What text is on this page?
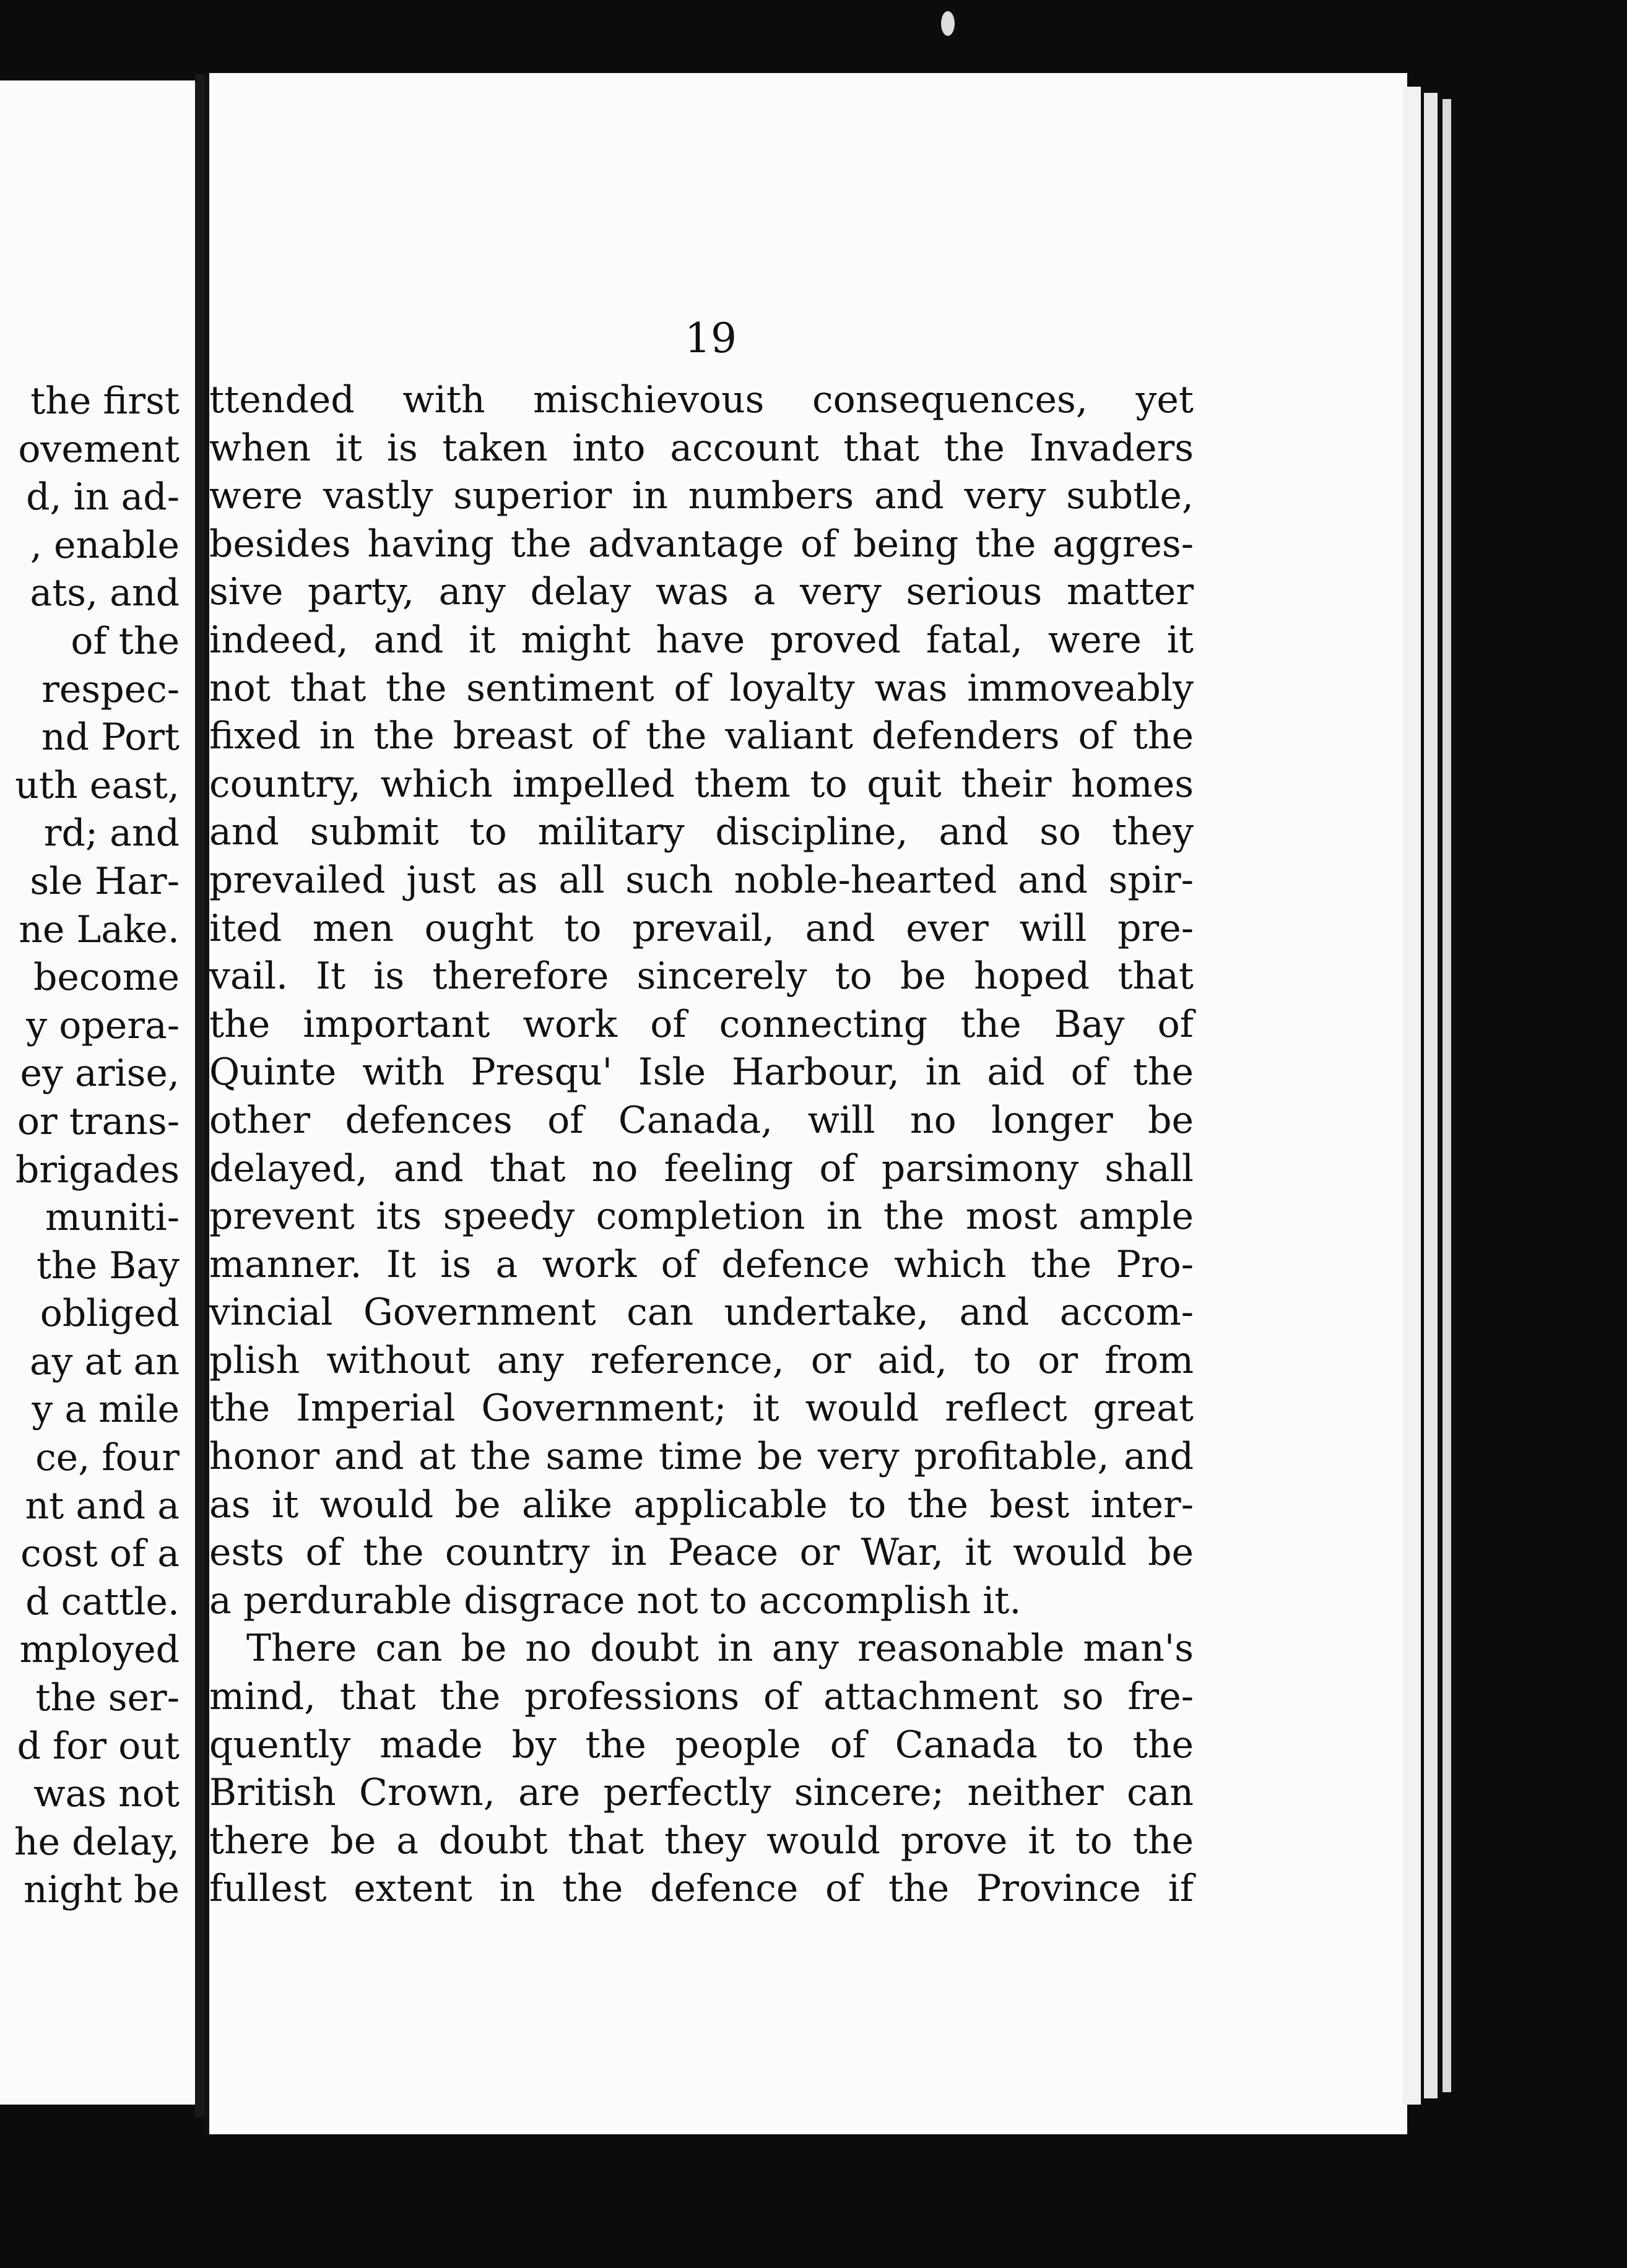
the first
ovement
d, in ad-
, enable
ats, and
of the
respec-
nd Port
uth east,
rd; and
sle Har-
ne Lake.
become
y opera-
ey arise,
or trans-
brigades
muniti-
the Bay
obliged
ay at an
y a mile
ce, four
nt and a
cost of a
d cattle.
mployed
the ser-
d for out
was not
he delay,
night be
19
ttended with mischievous consequences, yet
when it is taken into account that the Invaders
were vastly superior in numbers and very subtle,
besides having the advantage of being the aggres-
sive party, any delay was a very serious matter
indeed, and it might have proved fatal, were it
not that the sentiment of loyalty was immoveably
fixed in the breast of the valiant defenders of the
country, which impelled them to quit their homes
and submit to military discipline, and so they
prevailed just as all such noble-hearted and spir-
ited men ought to prevail, and ever will pre-
vail. It is therefore sincerely to be hoped that
the important work of connecting the Bay of
Quinte with Presqu' Isle Harbour, in aid of the
other defences of Canada, will no longer be
delayed, and that no feeling of parsimony shall
prevent its speedy completion in the most ample
manner. It is a work of defence which the Pro-
vincial Government can undertake, and accom-
plish without any reference, or aid, to or from
the Imperial Government; it would reflect great
honor and at the same time be very profitable, and
as it would be alike applicable to the best inter-
ests of the country in Peace or War, it would be
a perdurable disgrace not to accomplish it.
There can be no doubt in any reasonable man's
mind, that the professions of attachment so fre-
quently made by the people of Canada to the
British Crown, are perfectly sincere; neither can
there be a doubt that they would prove it to the
fullest extent in the defence of the Province if
